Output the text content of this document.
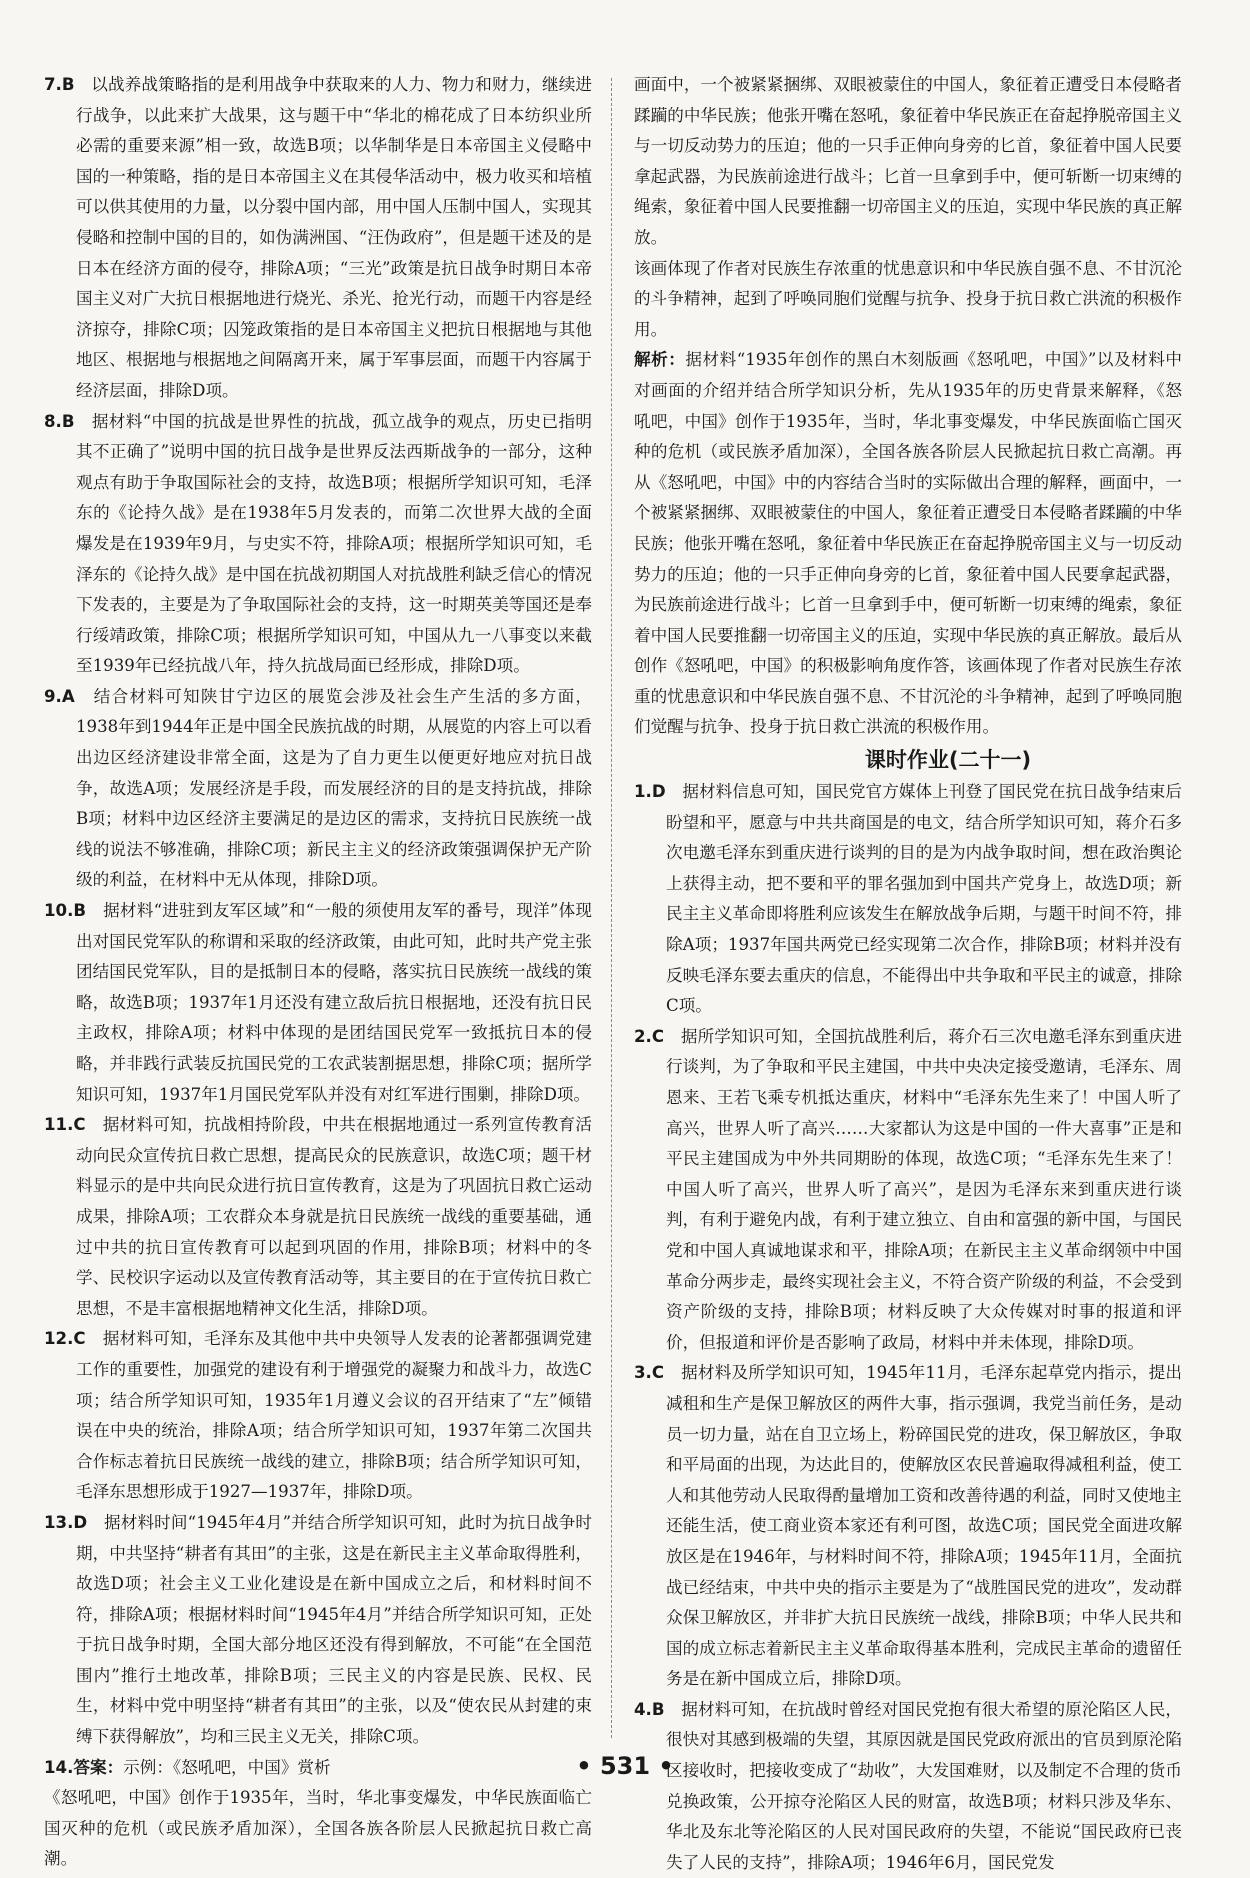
7.B　 以战养战策略指的是利用战争中获取来的人力、物力和财力，继续进行战争，以此来扩大战果，这与题干中“华北的棉花成了日本纺织业所必需的重要来源”相一致，故选B项；以华制华是日本帝国主义侵略中国的一种策略，指的是日本帝国主义在其侵华活动中，极力收买和培植可以供其使用的力量，以分裂中国内部，用中国人压制中国人，实现其侵略和控制中国的目的，如伪满洲国、“汪伪政府”，但是题干述及的是日本在经济方面的侵夺，排除A项；“三光”政策是抗日战争时期日本帝国主义对广大抗日根据地进行烧光、杀光、抢光行动，而题干内容是经济掠夺，排除C项；囚笼政策指的是日本帝国主义把抗日根据地与其他地区、根据地与根据地之间隔离开来，属于军事层面，而题干内容属于经济层面，排除D项。

8.B　 据材料“中国的抗战是世界性的抗战，孤立战争的观点，历史已指明其不正确了”说明中国的抗日战争是世界反法西斯战争的一部分，这种观点有助于争取国际社会的支持，故选B项；根据所学知识可知，毛泽东的《论持久战》是在1938年5月发表的，而第二次世界大战的全面爆发是在1939年9月，与史实不符，排除A项；根据所学知识可知，毛泽东的《论持久战》是中国在抗战初期国人对抗战胜利缺乏信心的情况下发表的，主要是为了争取国际社会的支持，这一时期英美等国还是奉行绥靖政策，排除C项；根据所学知识可知，中国从九一八事变以来截至1939年已经抗战八年，持久抗战局面已经形成，排除D项。

9.A　 结合材料可知陕甘宁边区的展览会涉及社会生产生活的多方面，1938年到1944年正是中国全民族抗战的时期，从展览的内容上可以看出边区经济建设非常全面，这是为了自力更生以便更好地应对抗日战争，故选A项；发展经济是手段，而发展经济的目的是支持抗战，排除B项；材料中边区经济主要满足的是边区的需求，支持抗日民族统一战线的说法不够准确，排除C项；新民主主义的经济政策强调保护无产阶级的利益，在材料中无从体现，排除D项。

10.B　 据材料“进驻到友军区域”和“一般的须使用友军的番号，现洋”体现出对国民党军队的称谓和采取的经济政策，由此可知，此时共产党主张团结国民党军队，目的是抵制日本的侵略，落实抗日民族统一战线的策略，故选B项；1937年1月还没有建立敌后抗日根据地，还没有抗日民主政权，排除A项；材料中体现的是团结国民党军一致抵抗日本的侵略，并非践行武装反抗国民党的工农武装割据思想，排除C项；据所学知识可知，1937年1月国民党军队并没有对红军进行围剿，排除D项。

11.C　 据材料可知，抗战相持阶段，中共在根据地通过一系列宣传教育活动向民众宣传抗日救亡思想，提高民众的民族意识，故选C项；题干材料显示的是中共向民众进行抗日宣传教育，这是为了巩固抗日救亡运动成果，排除A项；工农群众本身就是抗日民族统一战线的重要基础，通过中共的抗日宣传教育可以起到巩固的作用，排除B项；材料中的冬学、民校识字运动以及宣传教育活动等，其主要目的在于宣传抗日救亡思想，不是丰富根据地精神文化生活，排除D项。

12.C　 据材料可知，毛泽东及其他中共中央领导人发表的论著都强调党建工作的重要性，加强党的建设有利于增强党的凝聚力和战斗力，故选C项；结合所学知识可知，1935年1月遵义会议的召开结束了“左”倾错误在中央的统治，排除A项；结合所学知识可知，1937年第二次国共合作标志着抗日民族统一战线的建立，排除B项；结合所学知识可知，毛泽东思想形成于1927—1937年，排除D项。

13.D　 据材料时间“1945年4月”并结合所学知识可知，此时为抗日战争时期，中共坚持“耕者有其田”的主张，这是在新民主主义革命取得胜利，故选D项；社会主义工业化建设是在新中国成立之后，和材料时间不符，排除A项；根据材料时间“1945年4月”并结合所学知识可知，正处于抗日战争时期，全国大部分地区还没有得到解放，不可能“在全国范围内”推行土地改革，排除B项；三民主义的内容是民族、民权、民生，材料中党中明坚持“耕者有其田”的主张，以及“使农民从封建的束缚下获得解放”，均和三民主义无关，排除C项。

14.答案：示例：《怒吼吧，中国》赏析

《怒吼吧，中国》创作于1935年，当时，华北事变爆发，中华民族面临亡国灭种的危机（或民族矛盾加深），全国各族各阶层人民掀起抗日救亡高潮。

画面中，一个被紧紧捆绑、双眼被蒙住的中国人，象征着正遭受日本侵略者蹂躏的中华民族；他张开嘴在怒吼，象征着中华民族正在奋起挣脱帝国主义与一切反动势力的压迫；他的一只手正伸向身旁的匕首，象征着中国人民要拿起武器，为民族前途进行战斗；匕首一旦拿到手中，便可斩断一切束缚的绳索，象征着中国人民要推翻一切帝国主义的压迫，实现中华民族的真正解放。

该画体现了作者对民族生存浓重的忧患意识和中华民族自强不息、不甘沉沦的斗争精神，起到了呼唤同胞们觉醒与抗争、投身于抗日救亡洪流的积极作用。

解析：据材料“1935年创作的黑白木刻版画《怒吼吧，中国》”以及材料中对画面的介绍并结合所学知识分析，先从1935年的历史背景来解释，《怒吼吧，中国》创作于1935年，当时，华北事变爆发，中华民族面临亡国灭种的危机（或民族矛盾加深），全国各族各阶层人民掀起抗日救亡高潮。再从《怒吼吧，中国》中的内容结合当时的实际做出合理的解释，画面中，一个被紧紧捆绑、双眼被蒙住的中国人，象征着正遭受日本侵略者蹂躏的中华民族；他张开嘴在怒吼，象征着中华民族正在奋起挣脱帝国主义与一切反动势力的压迫；他的一只手正伸向身旁的匕首，象征着中国人民要拿起武器，为民族前途进行战斗；匕首一旦拿到手中，便可斩断一切束缚的绳索，象征着中国人民要推翻一切帝国主义的压迫，实现中华民族的真正解放。最后从创作《怒吼吧，中国》的积极影响角度作答，该画体现了作者对民族生存浓重的忧患意识和中华民族自强不息、不甘沉沦的斗争精神，起到了呼唤同胞们觉醒与抗争、投身于抗日救亡洪流的积极作用。

课时作业(二十一)

1.D　 据材料信息可知，国民党官方媒体上刊登了国民党在抗日战争结束后盼望和平，愿意与中共共商国是的电文，结合所学知识可知，蒋介石多次电邀毛泽东到重庆进行谈判的目的是为内战争取时间，想在政治舆论上获得主动，把不要和平的罪名强加到中国共产党身上，故选D项；新民主主义革命即将胜利应该发生在解放战争后期，与题干时间不符，排除A项；1937年国共两党已经实现第二次合作，排除B项；材料并没有反映毛泽东要去重庆的信息，不能得出中共争取和平民主的诚意，排除C项。

2.C　 据所学知识可知，全国抗战胜利后，蒋介石三次电邀毛泽东到重庆进行谈判，为了争取和平民主建国，中共中央决定接受邀请，毛泽东、周恩来、王若飞乘专机抵达重庆，材料中“毛泽东先生来了！中国人听了高兴，世界人听了高兴……大家都认为这是中国的一件大喜事”正是和平民主建国成为中外共同期盼的体现，故选C项；“毛泽东先生来了！中国人听了高兴，世界人听了高兴”，是因为毛泽东来到重庆进行谈判，有利于避免内战，有利于建立独立、自由和富强的新中国，与国民党和中国人真诚地谋求和平，排除A项；在新民主主义革命纲领中中国革命分两步走，最终实现社会主义，不符合资产阶级的利益，不会受到资产阶级的支持，排除B项；材料反映了大众传媒对时事的报道和评价，但报道和评价是否影响了政局，材料中并未体现，排除D项。

3.C　 据材料及所学知识可知，1945年11月，毛泽东起草党内指示，提出减租和生产是保卫解放区的两件大事，指示强调，我党当前任务，是动员一切力量，站在自卫立场上，粉碎国民党的进攻，保卫解放区，争取和平局面的出现，为达此目的，使解放区农民普遍取得减租利益，使工人和其他劳动人民取得酌量增加工资和改善待遇的利益，同时又使地主还能生活，使工商业资本家还有利可图，故选C项；国民党全面进攻解放区是在1946年，与材料时间不符，排除A项；1945年11月，全面抗战已经结束，中共中央的指示主要是为了“战胜国民党的进攻”，发动群众保卫解放区，并非扩大抗日民族统一战线，排除B项；中华人民共和国的成立标志着新民主主义革命取得基本胜利，完成民主革命的遗留任务是在新中国成立后，排除D项。

4.B　 据材料可知，在抗战时曾经对国民党抱有很大希望的原沦陷区人民，很快对其感到极端的失望，其原因就是国民党政府派出的官员到原沦陷区接收时，把接收变成了“劫收”，大发国难财，以及制定不合理的货币兑换政策，公开掠夺沦陷区人民的财富，故选B项；材料只涉及华东、华北及东北等沦陷区的人民对国民政府的失望，不能说“国民政府已丧失了人民的支持”，排除A项；1946年6月，国民党发

• 531 •
